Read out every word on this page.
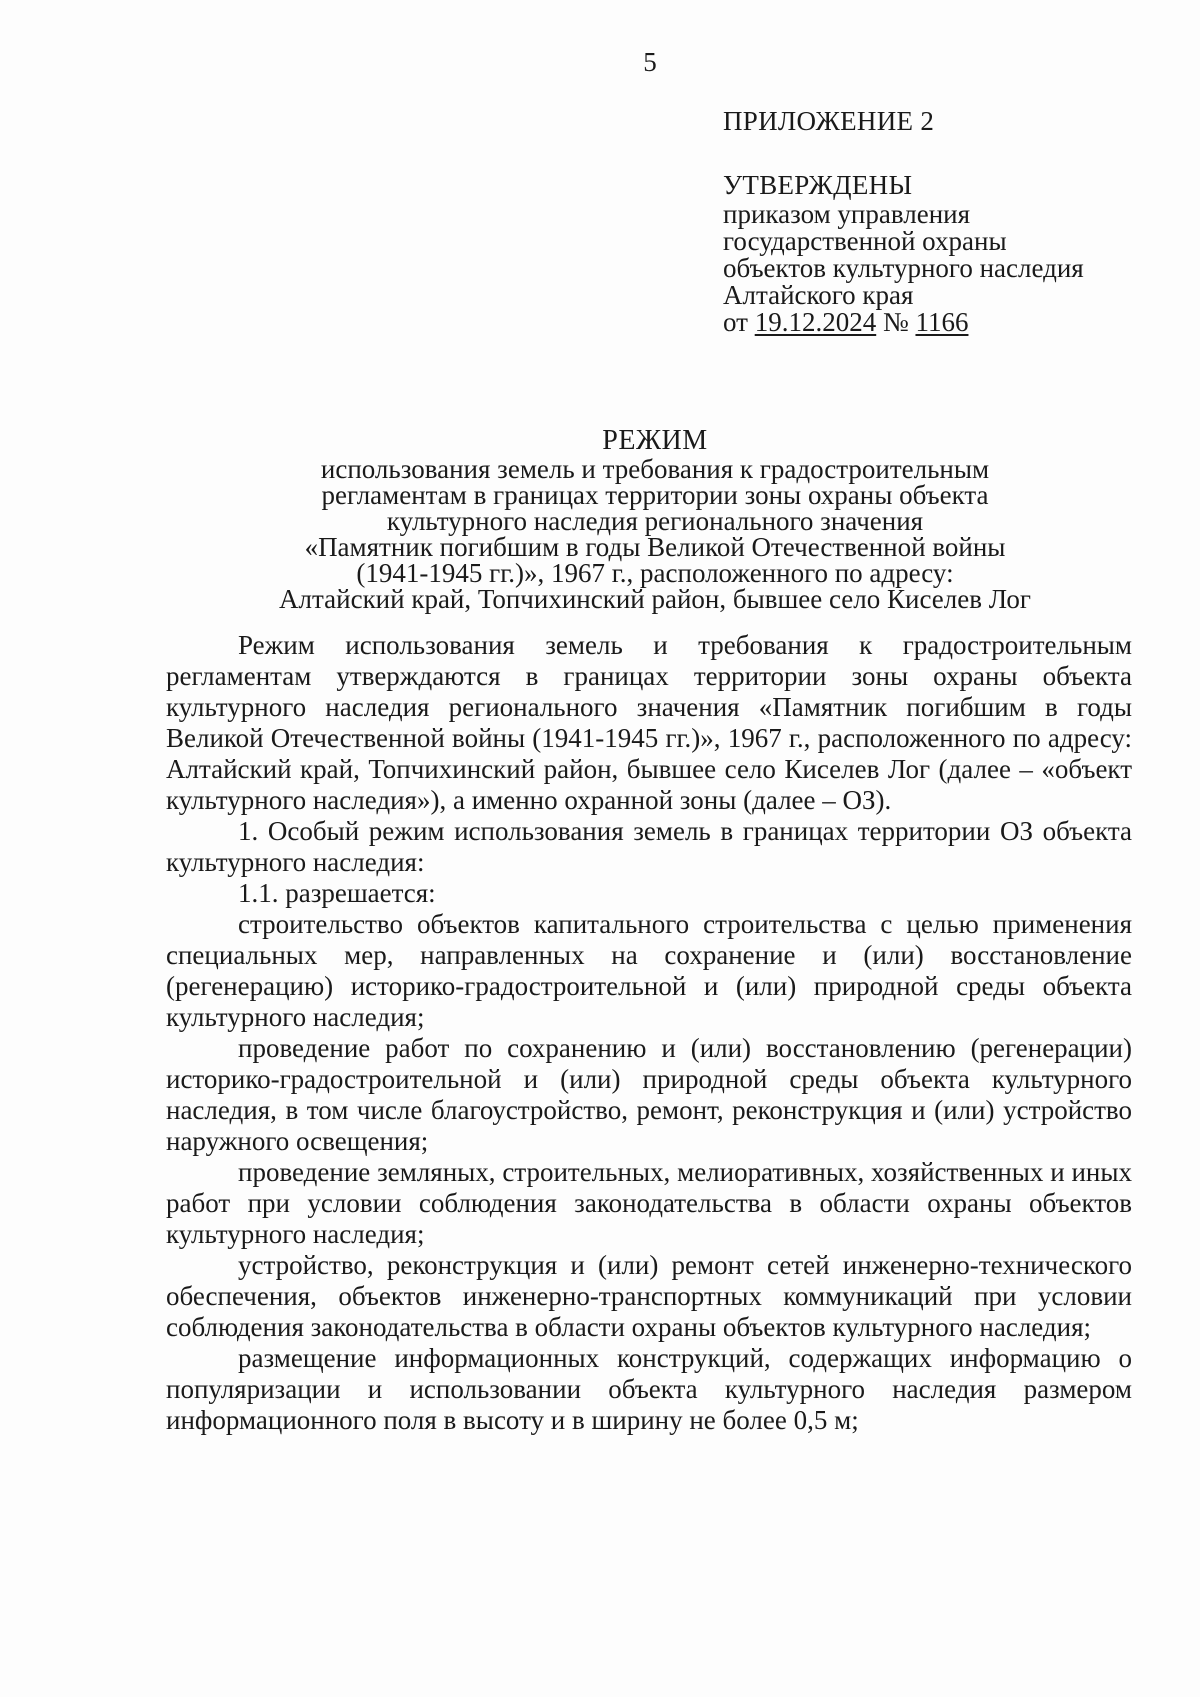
5
ПРИЛОЖЕНИЕ 2
УТВЕРЖДЕНЫ
приказом управления
государственной охраны
объектов культурного наследия
Алтайского края
от 19.12.2024 № 1166
РЕЖИМ
использования земель и требования к градостроительным
регламентам в границах территории зоны охраны объекта
культурного наследия регионального значения
«Памятник погибшим в годы Великой Отечественной войны
(1941-1945 гг.)», 1967 г., расположенного по адресу:
Алтайский край, Топчихинский район, бывшее село Киселев Лог

Режим использования земель и требования к градостроительным регламентам утверждаются в границах территории зоны охраны объекта культурного наследия регионального значения «Памятник погибшим в годы Великой Отечественной войны (1941-1945 гг.)», 1967 г., расположенного по адресу: Алтайский край, Топчихинский район, бывшее село Киселев Лог (далее – «объект культурного наследия»), а именно охранной зоны (далее – ОЗ).

1. Особый режим использования земель в границах территории ОЗ объекта культурного наследия:

1.1. разрешается:

строительство объектов капитального строительства с целью применения специальных мер, направленных на сохранение и (или) восстановление (регенерацию) историко-градостроительной и (или) природной среды объекта культурного наследия;

проведение работ по сохранению и (или) восстановлению (регенерации) историко-градостроительной и (или) природной среды объекта культурного наследия, в том числе благоустройство, ремонт, реконструкция и (или) устройство наружного освещения;

проведение земляных, строительных, мелиоративных, хозяйственных и иных работ при условии соблюдения законодательства в области охраны объектов культурного наследия;

устройство, реконструкция и (или) ремонт сетей инженерно-технического обеспечения, объектов инженерно-транспортных коммуникаций при условии соблюдения законодательства в области охраны объектов культурного наследия;

размещение информационных конструкций, содержащих информацию о популяризации и использовании объекта культурного наследия размером информационного поля в высоту и в ширину не более 0,5 м;
